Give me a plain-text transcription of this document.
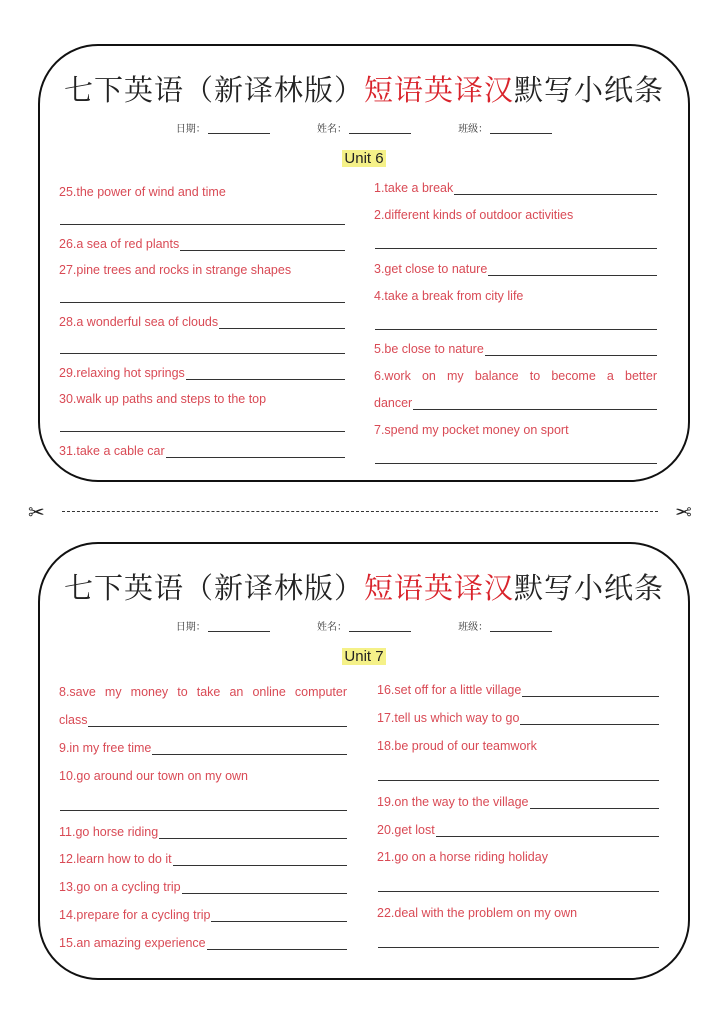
七下英语（新译林版）短语英译汉默写小纸条
日期：	姓名：	班级：
Unit 6
25.the power of wind and time
26.a sea of red plants
27.pine trees and rocks in strange shapes
28.a wonderful sea of clouds
29.relaxing hot springs
30.walk up paths and steps to the top
31.take a cable car
1.take a break
2.different kinds of outdoor activities
3.get close to nature
4.take a break from city life
5.be close to nature
6.work on my balance to become a better
dancer
7.spend my pocket money on sport
✂	✂
七下英语（新译林版）短语英译汉默写小纸条
日期：	姓名：	班级：
Unit 7
8.save my money to take an online computer
class
9.in my free time
10.go around our town on my own
11.go horse riding
12.learn how to do it
13.go on a cycling trip
14.prepare for a cycling trip
15.an amazing experience
16.set off for a little village
17.tell us which way to go
18.be proud of our teamwork
19.on the way to the village
20.get lost
21.go on a horse riding holiday
22.deal with the problem on my own
